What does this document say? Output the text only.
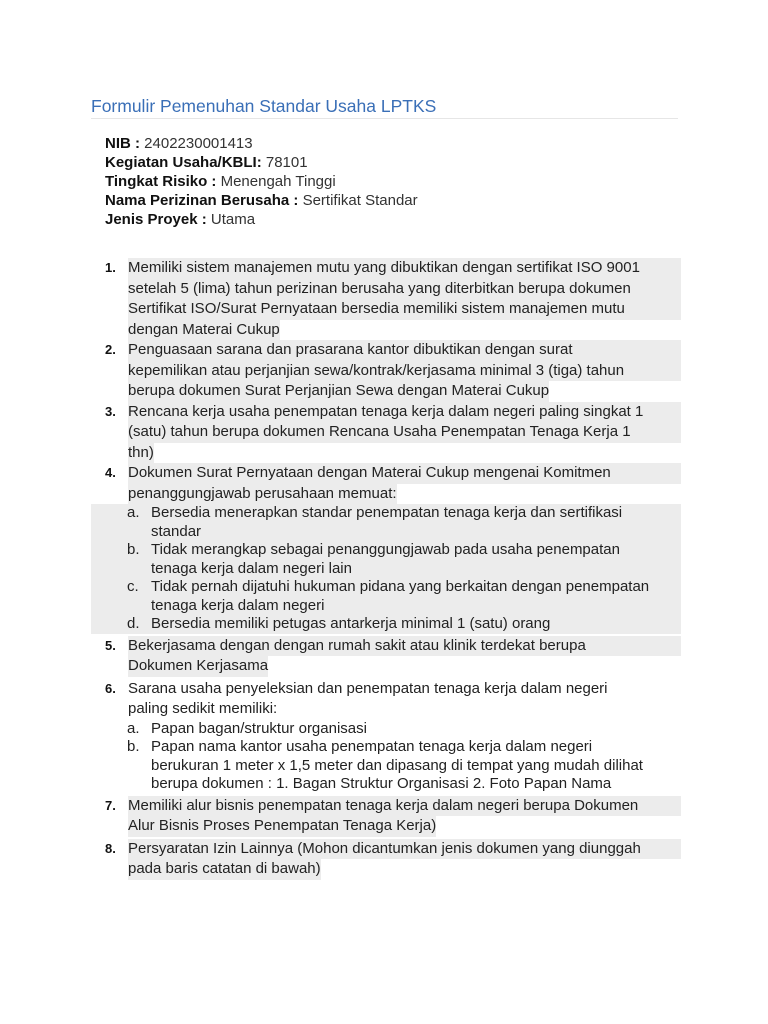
Formulir Pemenuhan Standar Usaha LPTKS
NIB : 2402230001413
Kegiatan Usaha/KBLI: 78101
Tingkat Risiko : Menengah Tinggi
Nama Perizinan Berusaha : Sertifikat Standar
Jenis Proyek : Utama
1. Memiliki sistem manajemen mutu yang dibuktikan dengan sertifikat ISO 9001
setelah 5 (lima) tahun perizinan berusaha yang diterbitkan berupa dokumen
Sertifikat ISO/Surat Pernyataan bersedia memiliki sistem manajemen mutu
dengan Materai Cukup
2. Penguasaan sarana dan prasarana kantor dibuktikan dengan surat
kepemilikan atau perjanjian sewa/kontrak/kerjasama minimal 3 (tiga) tahun
berupa dokumen Surat Perjanjian Sewa dengan Materai Cukup
3. Rencana kerja usaha penempatan tenaga kerja dalam negeri paling singkat 1
(satu) tahun berupa dokumen Rencana Usaha Penempatan Tenaga Kerja 1
thn)
4. Dokumen Surat Pernyataan dengan Materai Cukup mengenai Komitmen
penanggungjawab perusahaan memuat:
a. Bersedia menerapkan standar penempatan tenaga kerja dan sertifikasi
standar
b. Tidak merangkap sebagai penanggungjawab pada usaha penempatan
tenaga kerja dalam negeri lain
c. Tidak pernah dijatuhi hukuman pidana yang berkaitan dengan penempatan
tenaga kerja dalam negeri
d. Bersedia memiliki petugas antarkerja minimal 1 (satu) orang
5. Bekerjasama dengan dengan rumah sakit atau klinik terdekat berupa
Dokumen Kerjasama
6. Sarana usaha penyeleksian dan penempatan tenaga kerja dalam negeri
paling sedikit memiliki:
a. Papan bagan/struktur organisasi
b. Papan nama kantor usaha penempatan tenaga kerja dalam negeri
berukuran 1 meter x 1,5 meter dan dipasang di tempat yang mudah dilihat
berupa dokumen : 1. Bagan Struktur Organisasi 2. Foto Papan Nama
7. Memiliki alur bisnis penempatan tenaga kerja dalam negeri berupa Dokumen
Alur Bisnis Proses Penempatan Tenaga Kerja)
8. Persyaratan Izin Lainnya (Mohon dicantumkan jenis dokumen yang diunggah
pada baris catatan di bawah)
